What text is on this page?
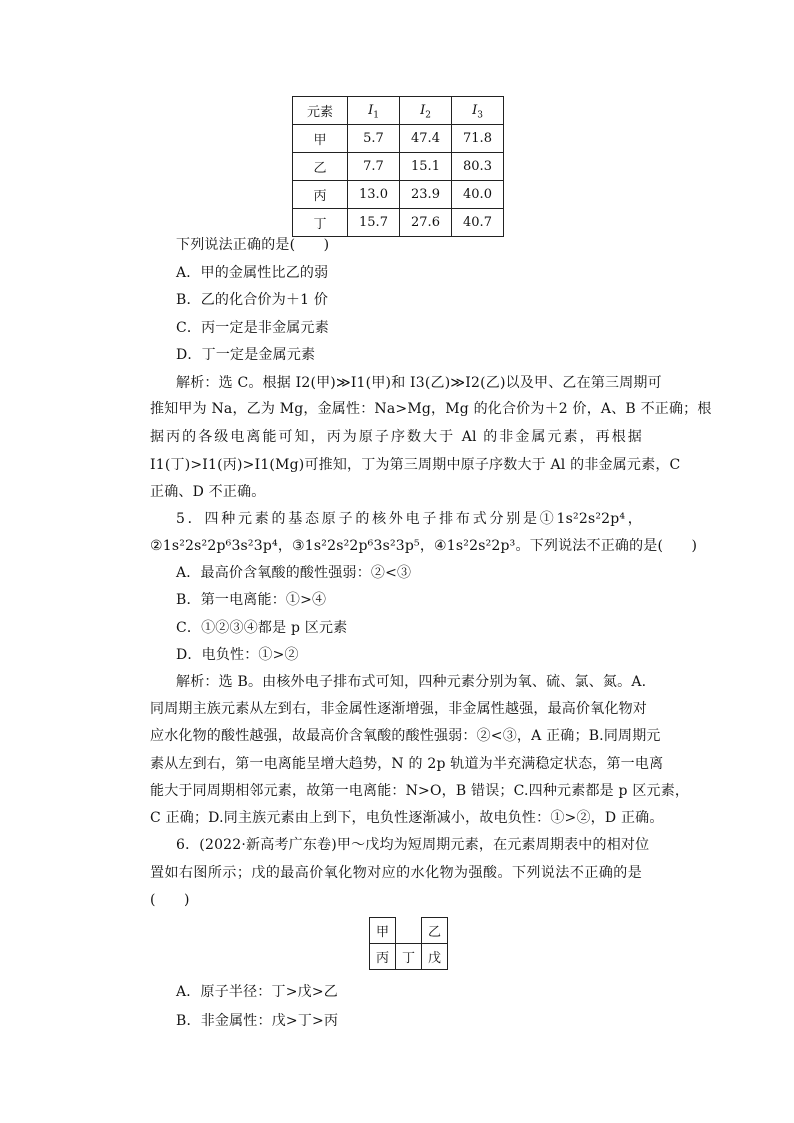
元素	$I_1$	$I_2$	$I_3$
甲	5.7	47.4	71.8
乙	7.7	15.1	80.3
丙	13.0	23.9	40.0
丁	15.7	27.6	40.7
下列说法正确的是(　　)
A．甲的金属性比乙的弱
B．乙的化合价为＋1 价
C．丙一定是非金属元素
D．丁一定是金属元素
解析：选 C。根据 I2(甲)≫I1(甲)和 I3(乙)≫I2(乙)以及甲、乙在第三周期可
推知甲为 Na，乙为 Mg，金属性：Na>Mg，Mg 的化合价为＋2 价，A、B 不正确；根
据丙的各级电离能可知，丙为原子序数大于 Al 的非金属元素，再根据
I1(丁)>I1(丙)>I1(Mg)可推知，丁为第三周期中原子序数大于 Al 的非金属元素，C
正确、D 不正确。
5．四种元素的基态原子的核外电子排布式分别是①1s²2s²2p⁴，
②1s²2s²2p⁶3s²3p⁴，③1s²2s²2p⁶3s²3p⁵，④1s²2s²2p³。下列说法不正确的是(　　)
A．最高价含氧酸的酸性强弱：②<③
B．第一电离能：①>④
C．①②③④都是 p 区元素
D．电负性：①>②
解析：选 B。由核外电子排布式可知，四种元素分别为氧、硫、氯、氮。A.
同周期主族元素从左到右，非金属性逐渐增强，非金属性越强，最高价氧化物对
应水化物的酸性越强，故最高价含氧酸的酸性强弱：②<③，A 正确；B.同周期元
素从左到右，第一电离能呈增大趋势，N 的 2p 轨道为半充满稳定状态，第一电离
能大于同周期相邻元素，故第一电离能：N>O，B 错误；C.四种元素都是 p 区元素，
C 正确；D.同主族元素由上到下，电负性逐渐减小，故电负性：①>②，D 正确。
6．(2022·新高考广东卷)甲～戊均为短周期元素，在元素周期表中的相对位
置如右图所示；戊的最高价氧化物对应的水化物为强酸。下列说法不正确的是
(　　)
甲		乙
丙	丁	戊
A．原子半径：丁>戊>乙
B．非金属性：戊>丁>丙
